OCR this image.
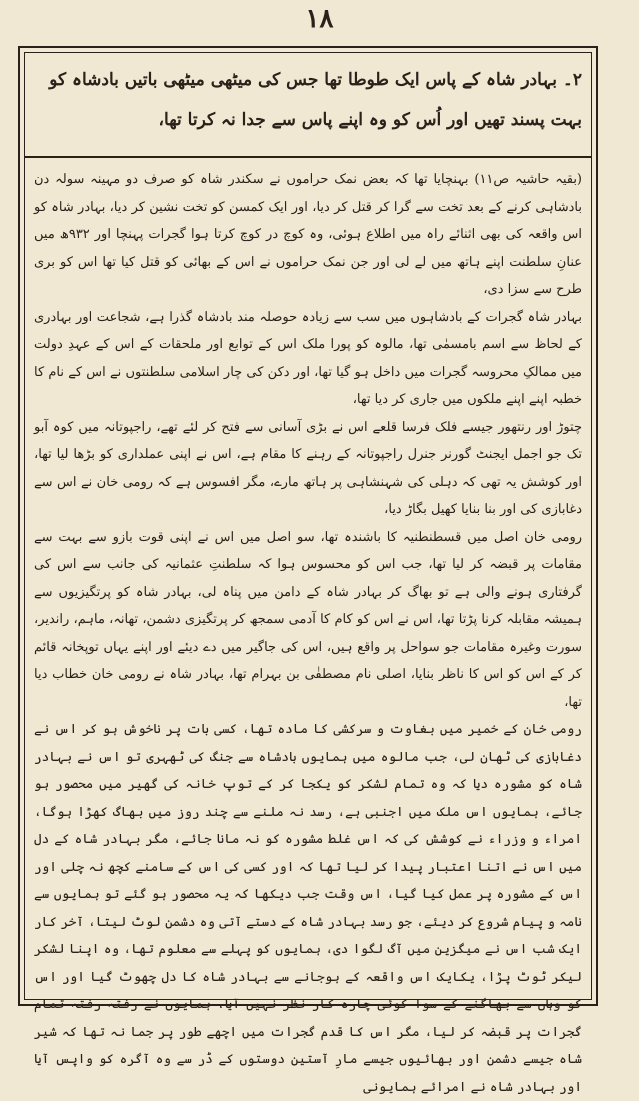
۱۸
۲۔ بہادر شاہ کے پاس ایک طوطا تھا جس کی میٹھی میٹھی باتیں بادشاہ کو بہت پسند تھیں اور اُس کو وہ اپنے پاس سے جدا نہ کرتا تھا،

(بقیہ حاشیہ ص۱۱) بہنچایا تھا کہ بعض نمک حراموں نے سکندر شاہ کو صرف دو مہینہ سولہ دن بادشاہی کرنے کے بعد تخت سے گرا کر قتل کر دیا، اور ایک کمسن کو تخت نشین کر دیا، بہادر شاہ کو اس واقعہ کی بھی اثنائے راہ میں اطلاع ہوئی، وہ کوچ در کوچ کرتا ہوا گجرات پہنچا اور ۹۳۲ھ میں عنانِ سلطنت اپنے ہاتھ میں لے لی اور جن نمک حراموں نے اس کے بھائی کو قتل کیا تھا اس کو بری طرح سے سزا دی،

بہادر شاہ گجرات کے بادشاہوں میں سب سے زیادہ حوصلہ مند بادشاہ گذرا ہے، شجاعت اور بہادری کے لحاظ سے اسم بامسمٰی تھا، مالوہ کو پورا ملک اس کے توابع اور ملحقات کے اس کے عہدِ دولت میں ممالکِ محروسہ گجرات میں داخل ہو گیا تھا، اور دکن کی چار اسلامی سلطنتوں نے اس کے نام کا خطبہ اپنے اپنے ملکوں میں جاری کر دیا تھا،

چتوڑ اور رنتھور جیسے فلک فرسا قلعے اس نے بڑی آسانی سے فتح کر لئے تھے، راجپوتانہ میں کوہ آبو تک جو اجمل ایجنٹ گورنر جنرل راجپوتانہ کے رہنے کا مقام ہے، اس نے اپنی عملداری کو بڑھا لیا تھا، اور کوشش یہ تھی کہ دہلی کی شہنشاہی پر ہاتھ مارے، مگر افسوس ہے کہ رومی خان نے اس سے دغابازی کی اور بنا بنایا کھیل بگاڑ دیا،

رومی خان اصل میں قسطنطنیہ کا باشندہ تھا، سو اصل میں اس نے اپنی قوت بازو سے بہت سے مقامات پر قبضہ کر لیا تھا، جب اس کو محسوس ہوا کہ سلطنتِ عثمانیہ کی جانب سے اس کی گرفتاری ہونے والی ہے تو بھاگ کر بہادر شاہ کے دامن میں پناہ لی، بہادر شاہ کو پرتگیزیوں سے ہمیشہ مقابلہ کرنا پڑتا تھا، اس نے اس کو کام کا آدمی سمجھ کر پرتگیزی دشمن، تھانہ، ماہم، راندیر، سورت وغیرہ مقامات جو سواحل پر واقع ہیں، اس کی جاگیر میں دے دیئے اور اپنے یہاں توپخانہ قائم کر کے اس کو اس کا ناظر بنایا، اصلی نام مصطفٰی بن بہرام تھا، بہادر شاہ نے رومی خان خطاب دیا تھا،

رومی خان کے خمیر میں بغاوت و سرکشی کا مادہ تھا، کسی بات پر ناخوش ہو کر اس نے دغابازی کی ٹھان لی، جب مالوہ میں ہمایوں بادشاہ سے جنگ کی ٹھہری تو اس نے بہادر شاہ کو مشورہ دیا کہ وہ تمام لشکر کو یکجا کر کے توپ خانہ کی گھیر میں محصور ہو جائے، ہمایوں اس ملک میں اجنبی ہے، رسد نہ ملنے سے چند روز میں بھاگ کھڑا ہوگا، امراء و وزراء نے کوشش کی کہ اس غلط مشورہ کو نہ مانا جائے، مگر بہادر شاہ کے دل میں اس نے اتنا اعتبار پیدا کر لیا تھا کہ اور کسی کی اس کے سامنے کچھ نہ چلی اور اس کے مشورہ پر عمل کیا گیا، اس وقت جب دیکھا کہ یہ محصور ہو گئے تو ہمایوں سے نامہ و پیام شروع کر دیئے، جو رسد بہادر شاہ کے دستے آتی وہ دشمن لوٹ لیتا، آخر کار ایک شب اس نے میگزین میں آگ لگوا دی، ہمایوں کو پہلے سے معلوم تھا، وہ اپنا لشکر لیکر ٹوٹ پڑا، یکایک اس واقعہ کے ہوجانے سے بہادر شاہ کا دل چھوٹ گیا اور اس کو وہاں سے بھاگنے کے سوا کوئی چارہ کار نظر نہیں آیا، ہمایوں نے رفتہ رفتہ تمام گجرات پر قبضہ کر لیا، مگر اس کا قدم گجرات میں اچھے طور پر جما نہ تھا کہ شیر شاہ جیسے دشمن اور بھائیوں جیسے مارِ آستین دوستوں کے ڈر سے وہ آگرہ کو واپس آیا اور بہادر شاہ نے امرائے ہمایونی
